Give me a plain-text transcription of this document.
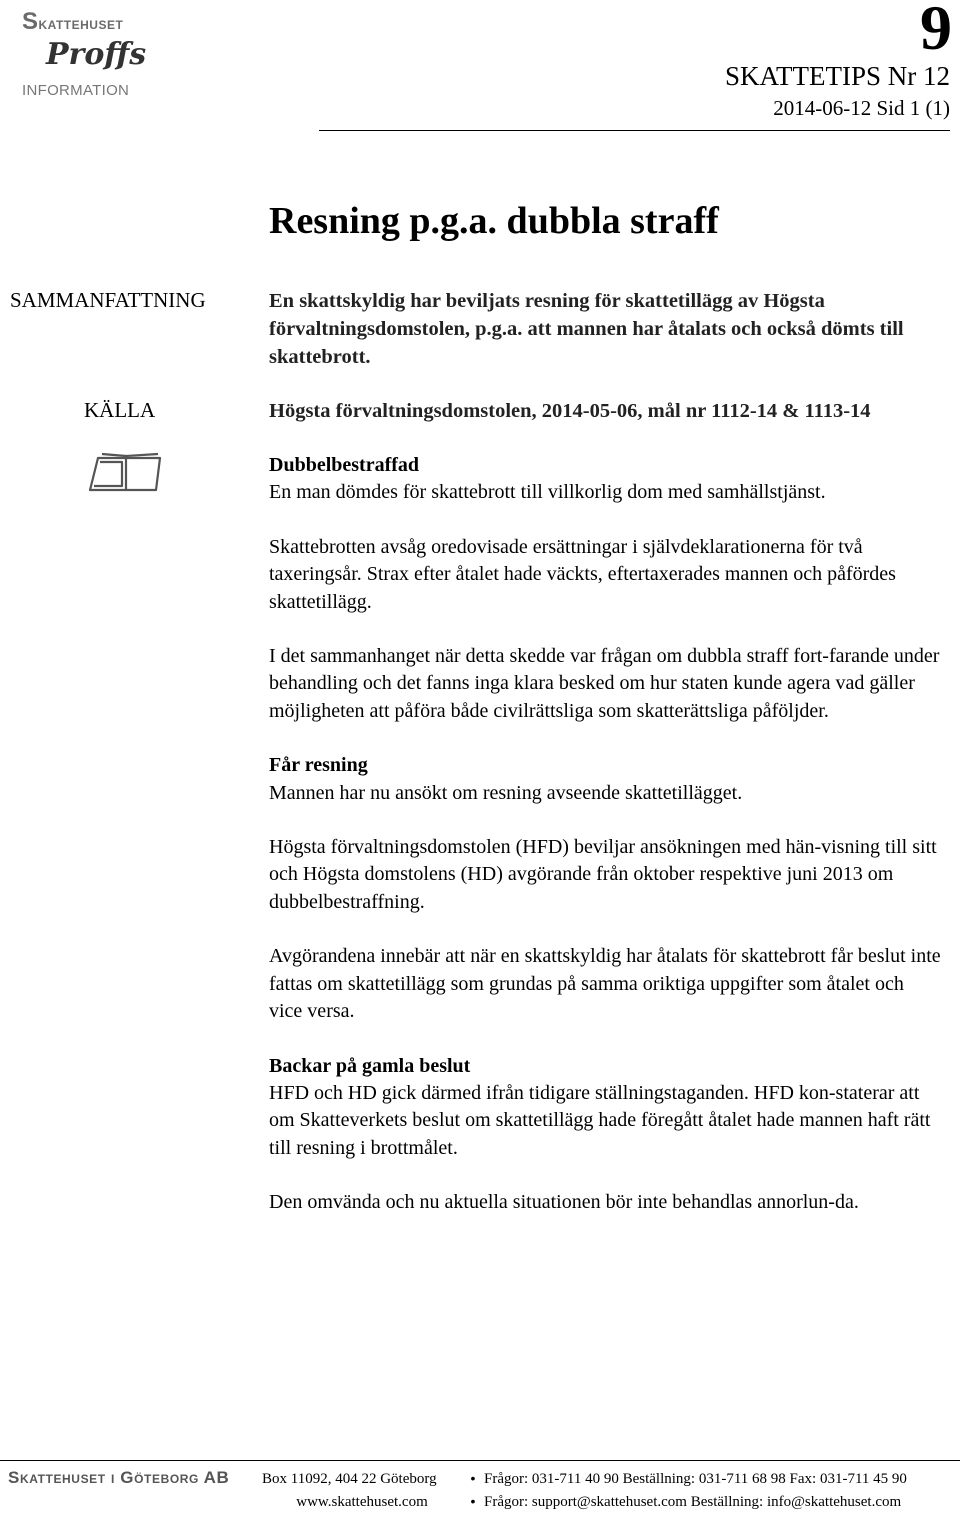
Skattehuset
Proffs
INFORMATION
9
SKATTETIPS Nr 12
2014-06-12 Sid 1 (1)
Resning p.g.a. dubbla straff
SAMMANFATTNING	En skattskyldig har beviljats resning för skattetillägg av Högsta förvaltningsdomstolen, p.g.a. att mannen har åtalats och också dömts till skattebrott.
KÄLLA	Högsta förvaltningsdomstolen, 2014-05-06, mål nr 1112-14 & 1113-14

Dubbelbestraffad
En man dömdes för skattebrott till villkorlig dom med samhällstjänst.

Skattebrotten avsåg oredovisade ersättningar i självdeklarationerna för två taxeringsår. Strax efter åtalet hade väckts, eftertaxerades mannen och påfördes skattetillägg.

I det sammanhanget när detta skedde var frågan om dubbla straff fort-farande under behandling och det fanns inga klara besked om hur staten kunde agera vad gäller möjligheten att påföra både civilrättsliga som skatterättsliga påföljder.

Får resning
Mannen har nu ansökt om resning avseende skattetillägget.

Högsta förvaltningsdomstolen (HFD) beviljar ansökningen med hän-visning till sitt och Högsta domstolens (HD) avgörande från oktober respektive juni 2013 om dubbelbestraffning.

Avgörandena innebär att när en skattskyldig har åtalats för skattebrott får beslut inte fattas om skattetillägg som grundas på samma oriktiga uppgifter som åtalet och vice versa.

Backar på gamla beslut
HFD och HD gick därmed ifrån tidigare ställningstaganden. HFD kon-staterar att om Skatteverkets beslut om skattetillägg hade föregått åtalet hade mannen haft rätt till resning i brottmålet.

Den omvända och nu aktuella situationen bör inte behandlas annorlun-da.

Skattehuset i Göteborg AB	Box 11092, 404 22 Göteborg	• Frågor: 031-711 40 90 Beställning: 031-711 68 98 Fax: 031-711 45 90
www.skattehuset.com	• Frågor: support@skattehuset.com Beställning: info@skattehuset.com
